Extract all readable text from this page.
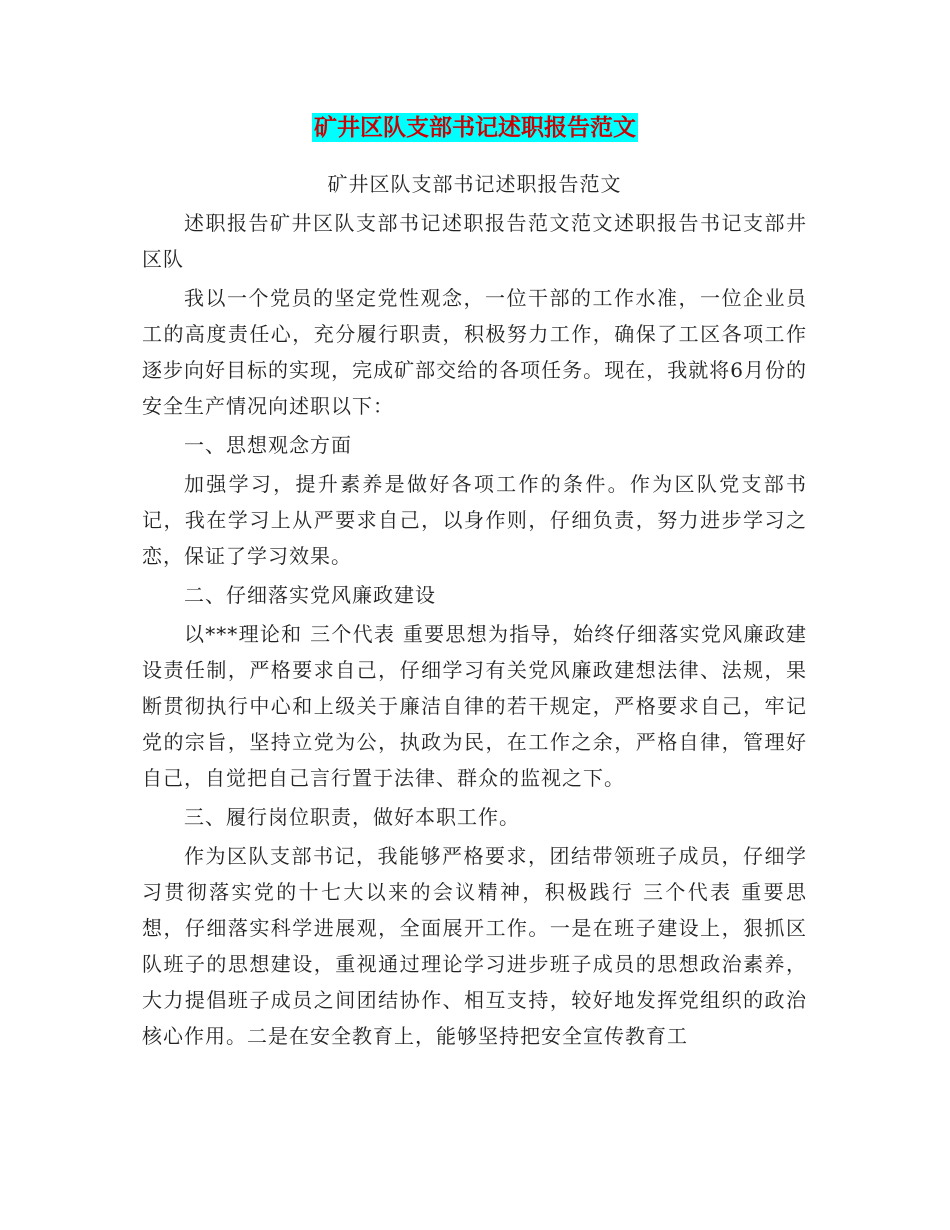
矿井区队支部书记述职报告范文

矿井区队支部书记述职报告范文

述职报告矿井区队支部书记述职报告范文范文述职报告书记支部井区队

我以一个党员的坚定党性观念，一位干部的工作水准，一位企业员工的高度责任心，充分履行职责，积极努力工作，确保了工区各项工作逐步向好目标的实现，完成矿部交给的各项任务。现在，我就将6月份的安全生产情况向述职以下：

一、思想观念方面

加强学习，提升素养是做好各项工作的条件。作为区队党支部书记，我在学习上从严要求自己，以身作则，仔细负责，努力进步学习之恋，保证了学习效果。

二、仔细落实党风廉政建设

以***理论和 三个代表 重要思想为指导，始终仔细落实党风廉政建设责任制，严格要求自己，仔细学习有关党风廉政建想法律、法规，果断贯彻执行中心和上级关于廉洁自律的若干规定，严格要求自己，牢记党的宗旨，坚持立党为公，执政为民，在工作之余，严格自律，管理好自己，自觉把自己言行置于法律、群众的监视之下。

三、履行岗位职责，做好本职工作。

作为区队支部书记，我能够严格要求，团结带领班子成员，仔细学习贯彻落实党的十七大以来的会议精神，积极践行 三个代表 重要思想，仔细落实科学进展观，全面展开工作。一是在班子建设上，狠抓区队班子的思想建设，重视通过理论学习进步班子成员的思想政治素养，大力提倡班子成员之间团结协作、相互支持，较好地发挥党组织的政治核心作用。二是在安全教育上，能够坚持把安全宣传教育工
